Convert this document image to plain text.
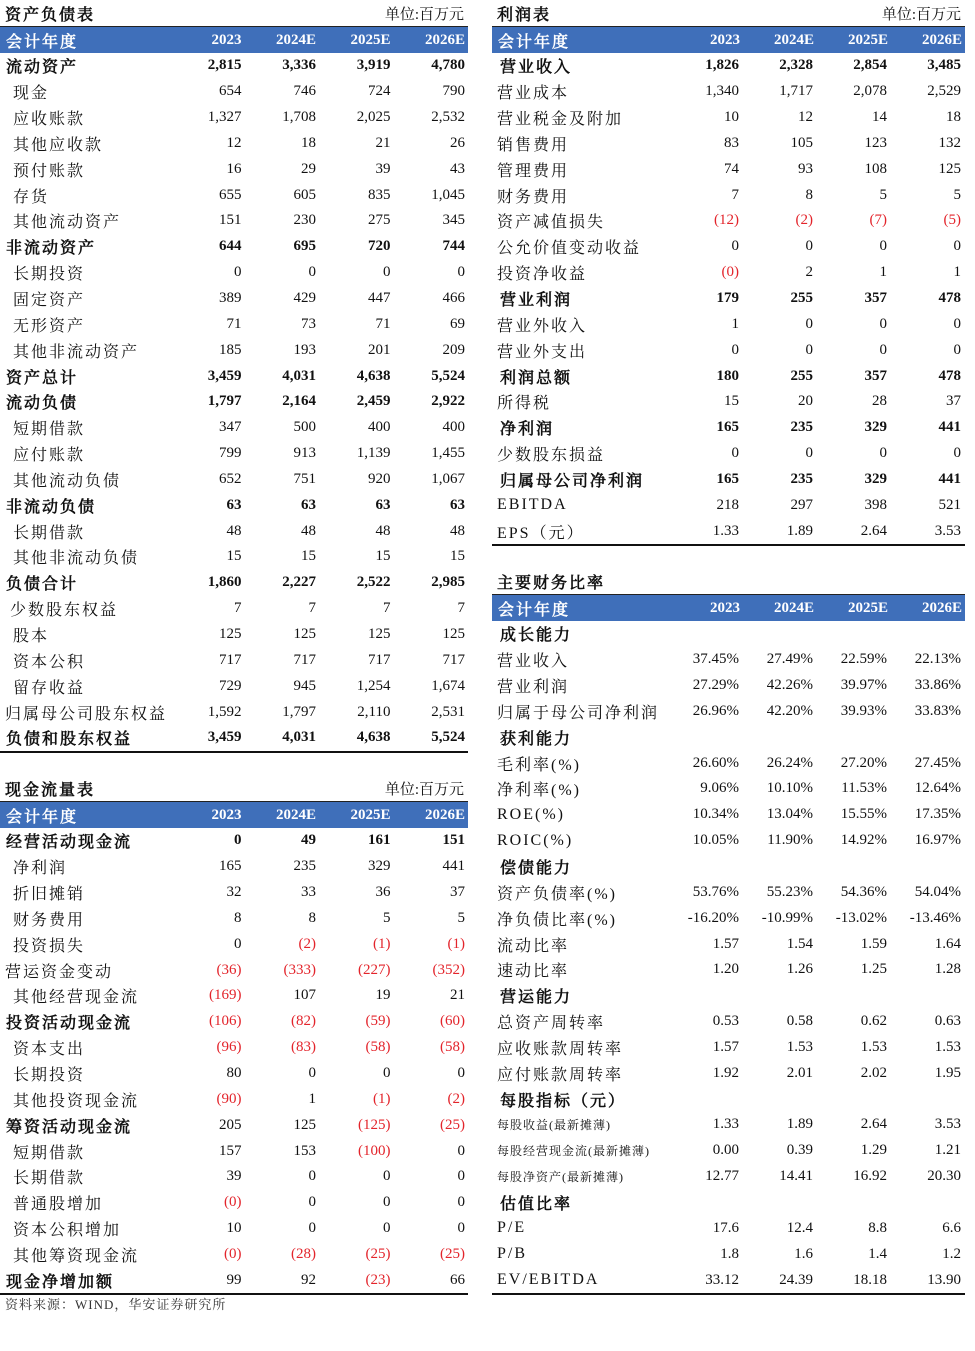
资产负债表	单位:百万元
会计年度	2023	2024E	2025E	2026E
流动资产	2,815	3,336	3,919	4,780
现金	654	746	724	790
应收账款	1,327	1,708	2,025	2,532
其他应收款	12	18	21	26
预付账款	16	29	39	43
存货	655	605	835	1,045
其他流动资产	151	230	275	345
非流动资产	644	695	720	744
长期投资	0	0	0	0
固定资产	389	429	447	466
无形资产	71	73	71	69
其他非流动资产	185	193	201	209
资产总计	3,459	4,031	4,638	5,524
流动负债	1,797	2,164	2,459	2,922
短期借款	347	500	400	400
应付账款	799	913	1,139	1,455
其他流动负债	652	751	920	1,067
非流动负债	63	63	63	63
长期借款	48	48	48	48
其他非流动负债	15	15	15	15
负债合计	1,860	2,227	2,522	2,985
少数股东权益	7	7	7	7
股本	125	125	125	125
资本公积	717	717	717	717
留存收益	729	945	1,254	1,674
归属母公司股东权益	1,592	1,797	2,110	2,531
负债和股东权益	3,459	4,031	4,638	5,524
利润表	单位:百万元
会计年度	2023	2024E	2025E	2026E
营业收入	1,826	2,328	2,854	3,485
营业成本	1,340	1,717	2,078	2,529
营业税金及附加	10	12	14	18
销售费用	83	105	123	132
管理费用	74	93	108	125
财务费用	7	8	5	5
资产减值损失	(12)	(2)	(7)	(5)
公允价值变动收益	0	0	0	0
投资净收益	(0)	2	1	1
营业利润	179	255	357	478
营业外收入	1	0	0	0
营业外支出	0	0	0	0
利润总额	180	255	357	478
所得税	15	20	28	37
净利润	165	235	329	441
少数股东损益	0	0	0	0
归属母公司净利润	165	235	329	441
EBITDA	218	297	398	521
EPS（元）	1.33	1.89	2.64	3.53
主要财务比率
会计年度	2023	2024E	2025E	2026E
成长能力
营业收入	37.45%	27.49%	22.59%	22.13%
营业利润	27.29%	42.26%	39.97%	33.86%
归属于母公司净利润	26.96%	42.20%	39.93%	33.83%
获利能力
毛利率(%)	26.60%	26.24%	27.20%	27.45%
净利率(%)	9.06%	10.10%	11.53%	12.64%
ROE(%)	10.34%	13.04%	15.55%	17.35%
ROIC(%)	10.05%	11.90%	14.92%	16.97%
偿债能力
资产负债率(%)	53.76%	55.23%	54.36%	54.04%
净负债比率(%)	-16.20%	-10.99%	-13.02%	-13.46%
流动比率	1.57	1.54	1.59	1.64
速动比率	1.20	1.26	1.25	1.28
营运能力
总资产周转率	0.53	0.58	0.62	0.63
应收账款周转率	1.57	1.53	1.53	1.53
应付账款周转率	1.92	2.01	2.02	1.95
每股指标（元）
每股收益(最新摊薄)	1.33	1.89	2.64	3.53
每股经营现金流(最新摊薄)	0.00	0.39	1.29	1.21
每股净资产(最新摊薄)	12.77	14.41	16.92	20.30
估值比率
P/E	17.6	12.4	8.8	6.6
P/B	1.8	1.6	1.4	1.2
EV/EBITDA	33.12	24.39	18.18	13.90
现金流量表	单位:百万元
会计年度	2023	2024E	2025E	2026E
经营活动现金流	0	49	161	151
净利润	165	235	329	441
折旧摊销	32	33	36	37
财务费用	8	8	5	5
投资损失	0	(2)	(1)	(1)
营运资金变动	(36)	(333)	(227)	(352)
其他经营现金流	(169)	107	19	21
投资活动现金流	(106)	(82)	(59)	(60)
资本支出	(96)	(83)	(58)	(58)
长期投资	80	0	0	0
其他投资现金流	(90)	1	(1)	(2)
筹资活动现金流	205	125	(125)	(25)
短期借款	157	153	(100)	0
长期借款	39	0	0	0
普通股增加	(0)	0	0	0
资本公积增加	10	0	0	0
其他筹资现金流	(0)	(28)	(25)	(25)
现金净增加额	99	92	(23)	66
资料来源：WIND，华安证券研究所
